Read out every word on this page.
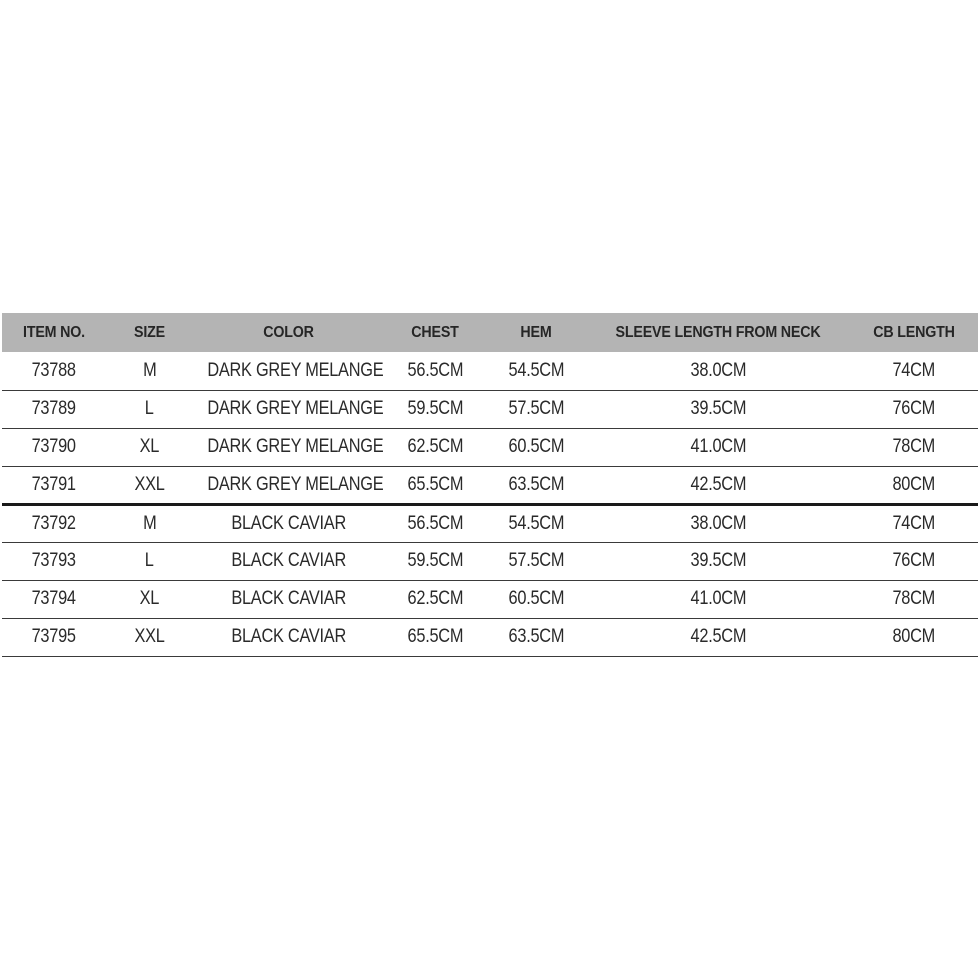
ITEM NO.	SIZE	COLOR	CHEST	HEM	SLEEVE LENGTH FROM NECK	CB LENGTH
73788	M	DARK GREY MELANGE	56.5CM	54.5CM	38.0CM	74CM
73789	L	DARK GREY MELANGE	59.5CM	57.5CM	39.5CM	76CM
73790	XL	DARK GREY MELANGE	62.5CM	60.5CM	41.0CM	78CM
73791	XXL	DARK GREY MELANGE	65.5CM	63.5CM	42.5CM	80CM
73792	M	BLACK CAVIAR	56.5CM	54.5CM	38.0CM	74CM
73793	L	BLACK CAVIAR	59.5CM	57.5CM	39.5CM	76CM
73794	XL	BLACK CAVIAR	62.5CM	60.5CM	41.0CM	78CM
73795	XXL	BLACK CAVIAR	65.5CM	63.5CM	42.5CM	80CM
